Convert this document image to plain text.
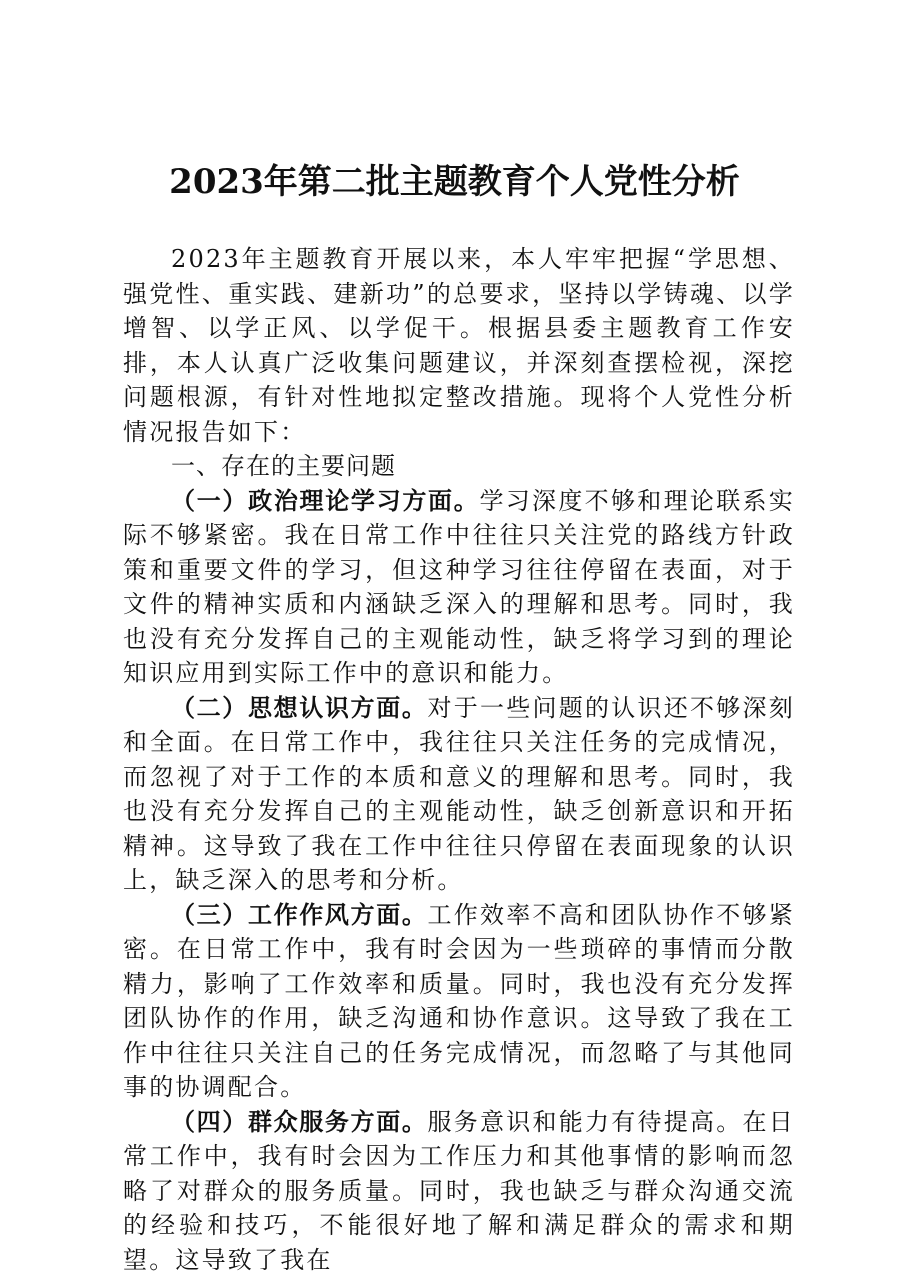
2023年第二批主题教育个人党性分析

2023年主题教育开展以来，本人牢牢把握“学思想、强党性、重实践、建新功”的总要求，坚持以学铸魂、以学增智、以学正风、以学促干。根据县委主题教育工作安排，本人认真广泛收集问题建议，并深刻查摆检视，深挖问题根源，有针对性地拟定整改措施。现将个人党性分析情况报告如下：

一、存在的主要问题

（一）政治理论学习方面。学习深度不够和理论联系实际不够紧密。我在日常工作中往往只关注党的路线方针政策和重要文件的学习，但这种学习往往停留在表面，对于文件的精神实质和内涵缺乏深入的理解和思考。同时，我也没有充分发挥自己的主观能动性，缺乏将学习到的理论知识应用到实际工作中的意识和能力。

（二）思想认识方面。对于一些问题的认识还不够深刻和全面。在日常工作中，我往往只关注任务的完成情况，而忽视了对于工作的本质和意义的理解和思考。同时，我也没有充分发挥自己的主观能动性，缺乏创新意识和开拓精神。这导致了我在工作中往往只停留在表面现象的认识上，缺乏深入的思考和分析。

（三）工作作风方面。工作效率不高和团队协作不够紧密。在日常工作中，我有时会因为一些琐碎的事情而分散精力，影响了工作效率和质量。同时，我也没有充分发挥团队协作的作用，缺乏沟通和协作意识。这导致了我在工作中往往只关注自己的任务完成情况，而忽略了与其他同事的协调配合。

（四）群众服务方面。服务意识和能力有待提高。在日常工作中，我有时会因为工作压力和其他事情的影响而忽略了对群众的服务质量。同时，我也缺乏与群众沟通交流的经验和技巧，不能很好地了解和满足群众的需求和期望。这导致了我在
